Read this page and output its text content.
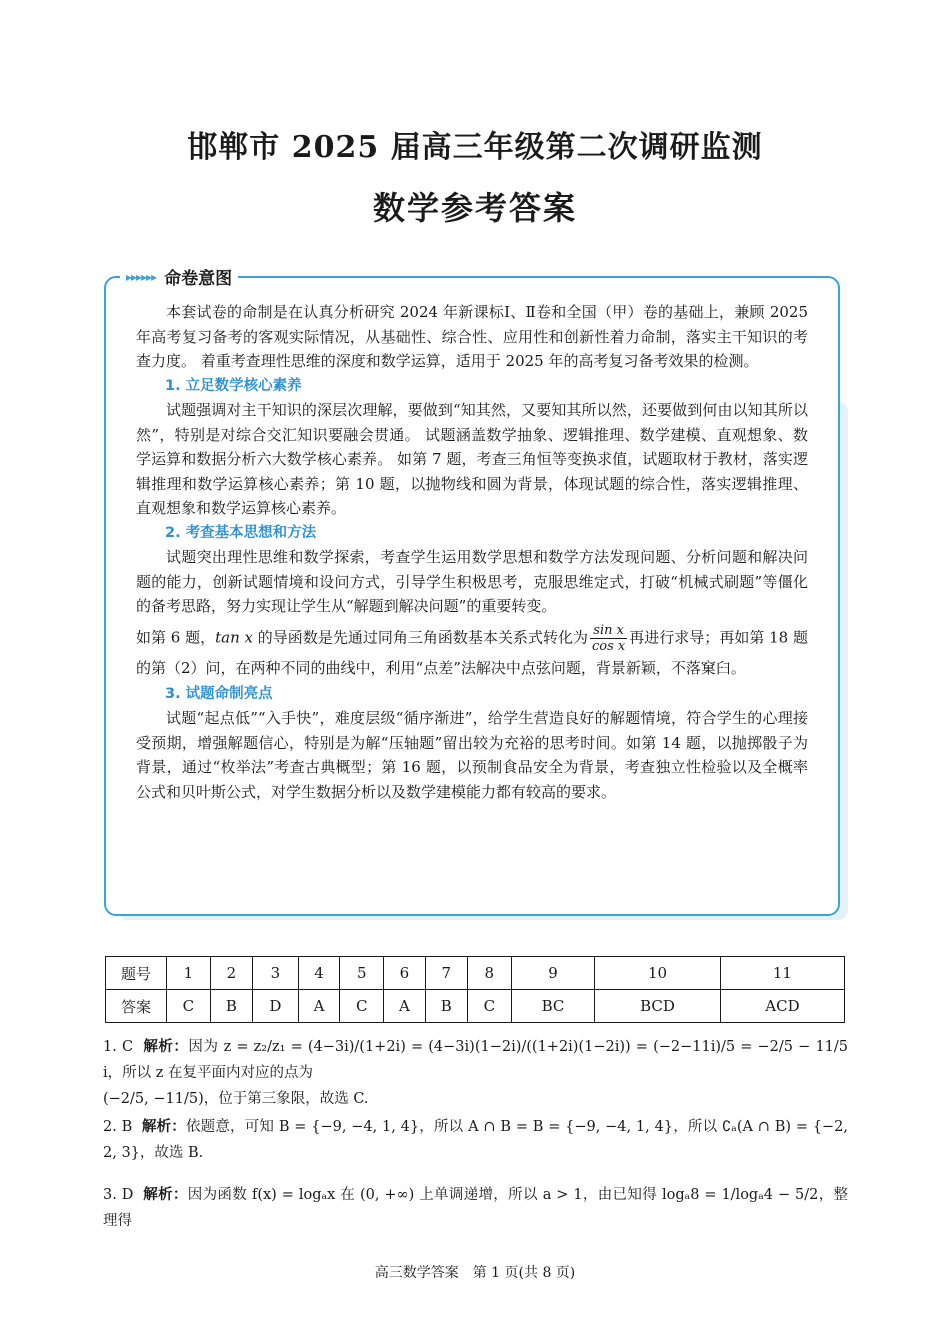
邯郸市 2025 届高三年级第二次调研监测
数学参考答案
▸▸▸▸▸▸ 命卷意图

本套试卷的命制是在认真分析研究 2024 年新课标Ⅰ、Ⅱ卷和全国（甲）卷的基础上，兼顾 2025 年高考复习备考的客观实际情况，从基础性、综合性、应用性和创新性着力命制，落实主干知识的考查力度。 着重考查理性思维的深度和数学运算，适用于 2025 年的高考复习备考效果的检测。

1. 立足数学核心素养

试题强调对主干知识的深层次理解，要做到“知其然，又要知其所以然，还要做到何由以知其所以然”，特别是对综合交汇知识要融会贯通。 试题涵盖数学抽象、逻辑推理、数学建模、直观想象、数学运算和数据分析六大数学核心素养。 如第 7 题，考查三角恒等变换求值，试题取材于教材，落实逻辑推理和数学运算核心素养；第 10 题，以抛物线和圆为背景，体现试题的综合性，落实逻辑推理、直观想象和数学运算核心素养。

2. 考查基本思想和方法

试题突出理性思维和数学探索，考查学生运用数学思想和数学方法发现问题、分析问题和解决问题的能力，创新试题情境和设问方式，引导学生积极思考，克服思维定式，打破“机械式刷题”等僵化的备考思路，努力实现让学生从“解题到解决问题”的重要转变。

如第 6 题，tan x 的导函数是先通过同角三角函数基本关系式转化为 $\frac{\text{sin x}}{\text{cos x}}$ 再进行求导；再如第 18 题的第（2）问，在两种不同的曲线中，利用“点差”法解决中点弦问题，背景新颖，不落窠臼。

3. 试题命制亮点

试题“起点低”“入手快”，难度层级“循序渐进”，给学生营造良好的解题情境，符合学生的心理接受预期，增强解题信心，特别是为解“压轴题”留出较为充裕的思考时间。如第 14 题，以抛掷骰子为背景，通过“枚举法”考查古典概型；第 16 题，以预制食品安全为背景，考查独立性检验以及全概率公式和贝叶斯公式，对学生数据分析以及数学建模能力都有较高的要求。

题号	1	2	3	4	5	6	7	8	9	10	11
答案	C	B	D	A	C	A	B	C	BC	BCD	ACD
1. C 解析：因为 z = z₂/z₁ = (4−3i)/(1+2i) = (4−3i)(1−2i)/((1+2i)(1−2i)) = (−2−11i)/5 = −2/5 − 11/5 i，所以 z 在复平面内对应的点为
(−2/5, −11/5)，位于第三象限，故选 C.
2. B 解析：依题意，可知 B = {−9, −4, 1, 4}，所以 A ∩ B = B = {−9, −4, 1, 4}，所以 ∁ₐ(A ∩ B) = {−2, 2, 3}，故选 B.
3. D 解析：因为函数 f(x) = logₐx 在 (0, +∞) 上单调递增，所以 a > 1，由已知得 logₐ8 = 1/logₐ4 − 5/2，整理得
高三数学答案　第 1 页(共 8 页)
